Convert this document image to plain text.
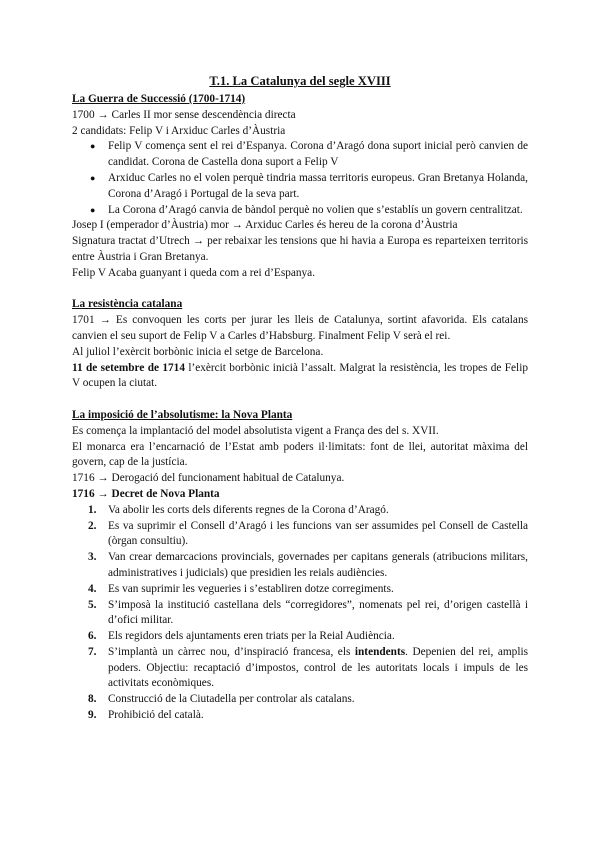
T.1. La Catalunya del segle XVIII

La Guerra de Successió (1700-1714)

1700 → Carles II mor sense descendència directa

2 candidats: Felip V i Arxiduc Carles d’Àustria

● Felip V comença sent el rei d’Espanya. Corona d’Aragó dona suport inicial però canvien de candidat. Corona de Castella dona suport a Felip V
● Arxiduc Carles no el volen perquè tindria massa territoris europeus. Gran Bretanya Holanda, Corona d’Aragó i Portugal de la seva part.
● La Corona d’Aragó canvia de bàndol perquè no volien que s’establís un govern centralitzat.

Josep I (emperador d’Àustria) mor → Arxiduc Carles és hereu de la corona d’Àustria

Signatura tractat d’Utrech → per rebaixar les tensions que hi havia a Europa es reparteixen territoris entre Àustria i Gran Bretanya.

Felip V Acaba guanyant i queda com a rei d’Espanya.

La resistència catalana

1701 → Es convoquen les corts per jurar les lleis de Catalunya, sortint afavorida. Els catalans canvien el seu suport de Felip V a Carles d’Habsburg. Finalment Felip V serà el rei.

Al juliol l’exèrcit borbònic inicia el setge de Barcelona.

11 de setembre de 1714 l’exèrcit borbònic inicià l’assalt. Malgrat la resistència, les tropes de Felip V ocupen la ciutat.

La imposició de l’absolutisme: la Nova Planta

Es comença la implantació del model absolutista vigent a França des del s. XVII.

El monarca era l’encarnació de l’Estat amb poders il·limitats: font de llei, autoritat màxima del govern, cap de la justícia.

1716 → Derogació del funcionament habitual de Catalunya.

1716 → Decret de Nova Planta

1. Va abolir les corts dels diferents regnes de la Corona d’Aragó.
2. Es va suprimir el Consell d’Aragó i les funcions van ser assumides pel Consell de Castella (òrgan consultiu).
3. Van crear demarcacions provincials, governades per capitans generals (atribucions militars, administratives i judicials) que presidien les reials audiències.
4. Es van suprimir les vegueries i s’establiren dotze corregiments.
5. S’imposà la institució castellana dels “corregidores”, nomenats pel rei, d’origen castellà i d’ofici militar.
6. Els regidors dels ajuntaments eren triats per la Reial Audiència.
7. S’implantà un càrrec nou, d’inspiració francesa, els intendents. Depenien del rei, amplis poders. Objectiu: recaptació d’impostos, control de les autoritats locals i impuls de les activitats econòmiques.
8. Construcció de la Ciutadella per controlar als catalans.
9. Prohibició del català.
